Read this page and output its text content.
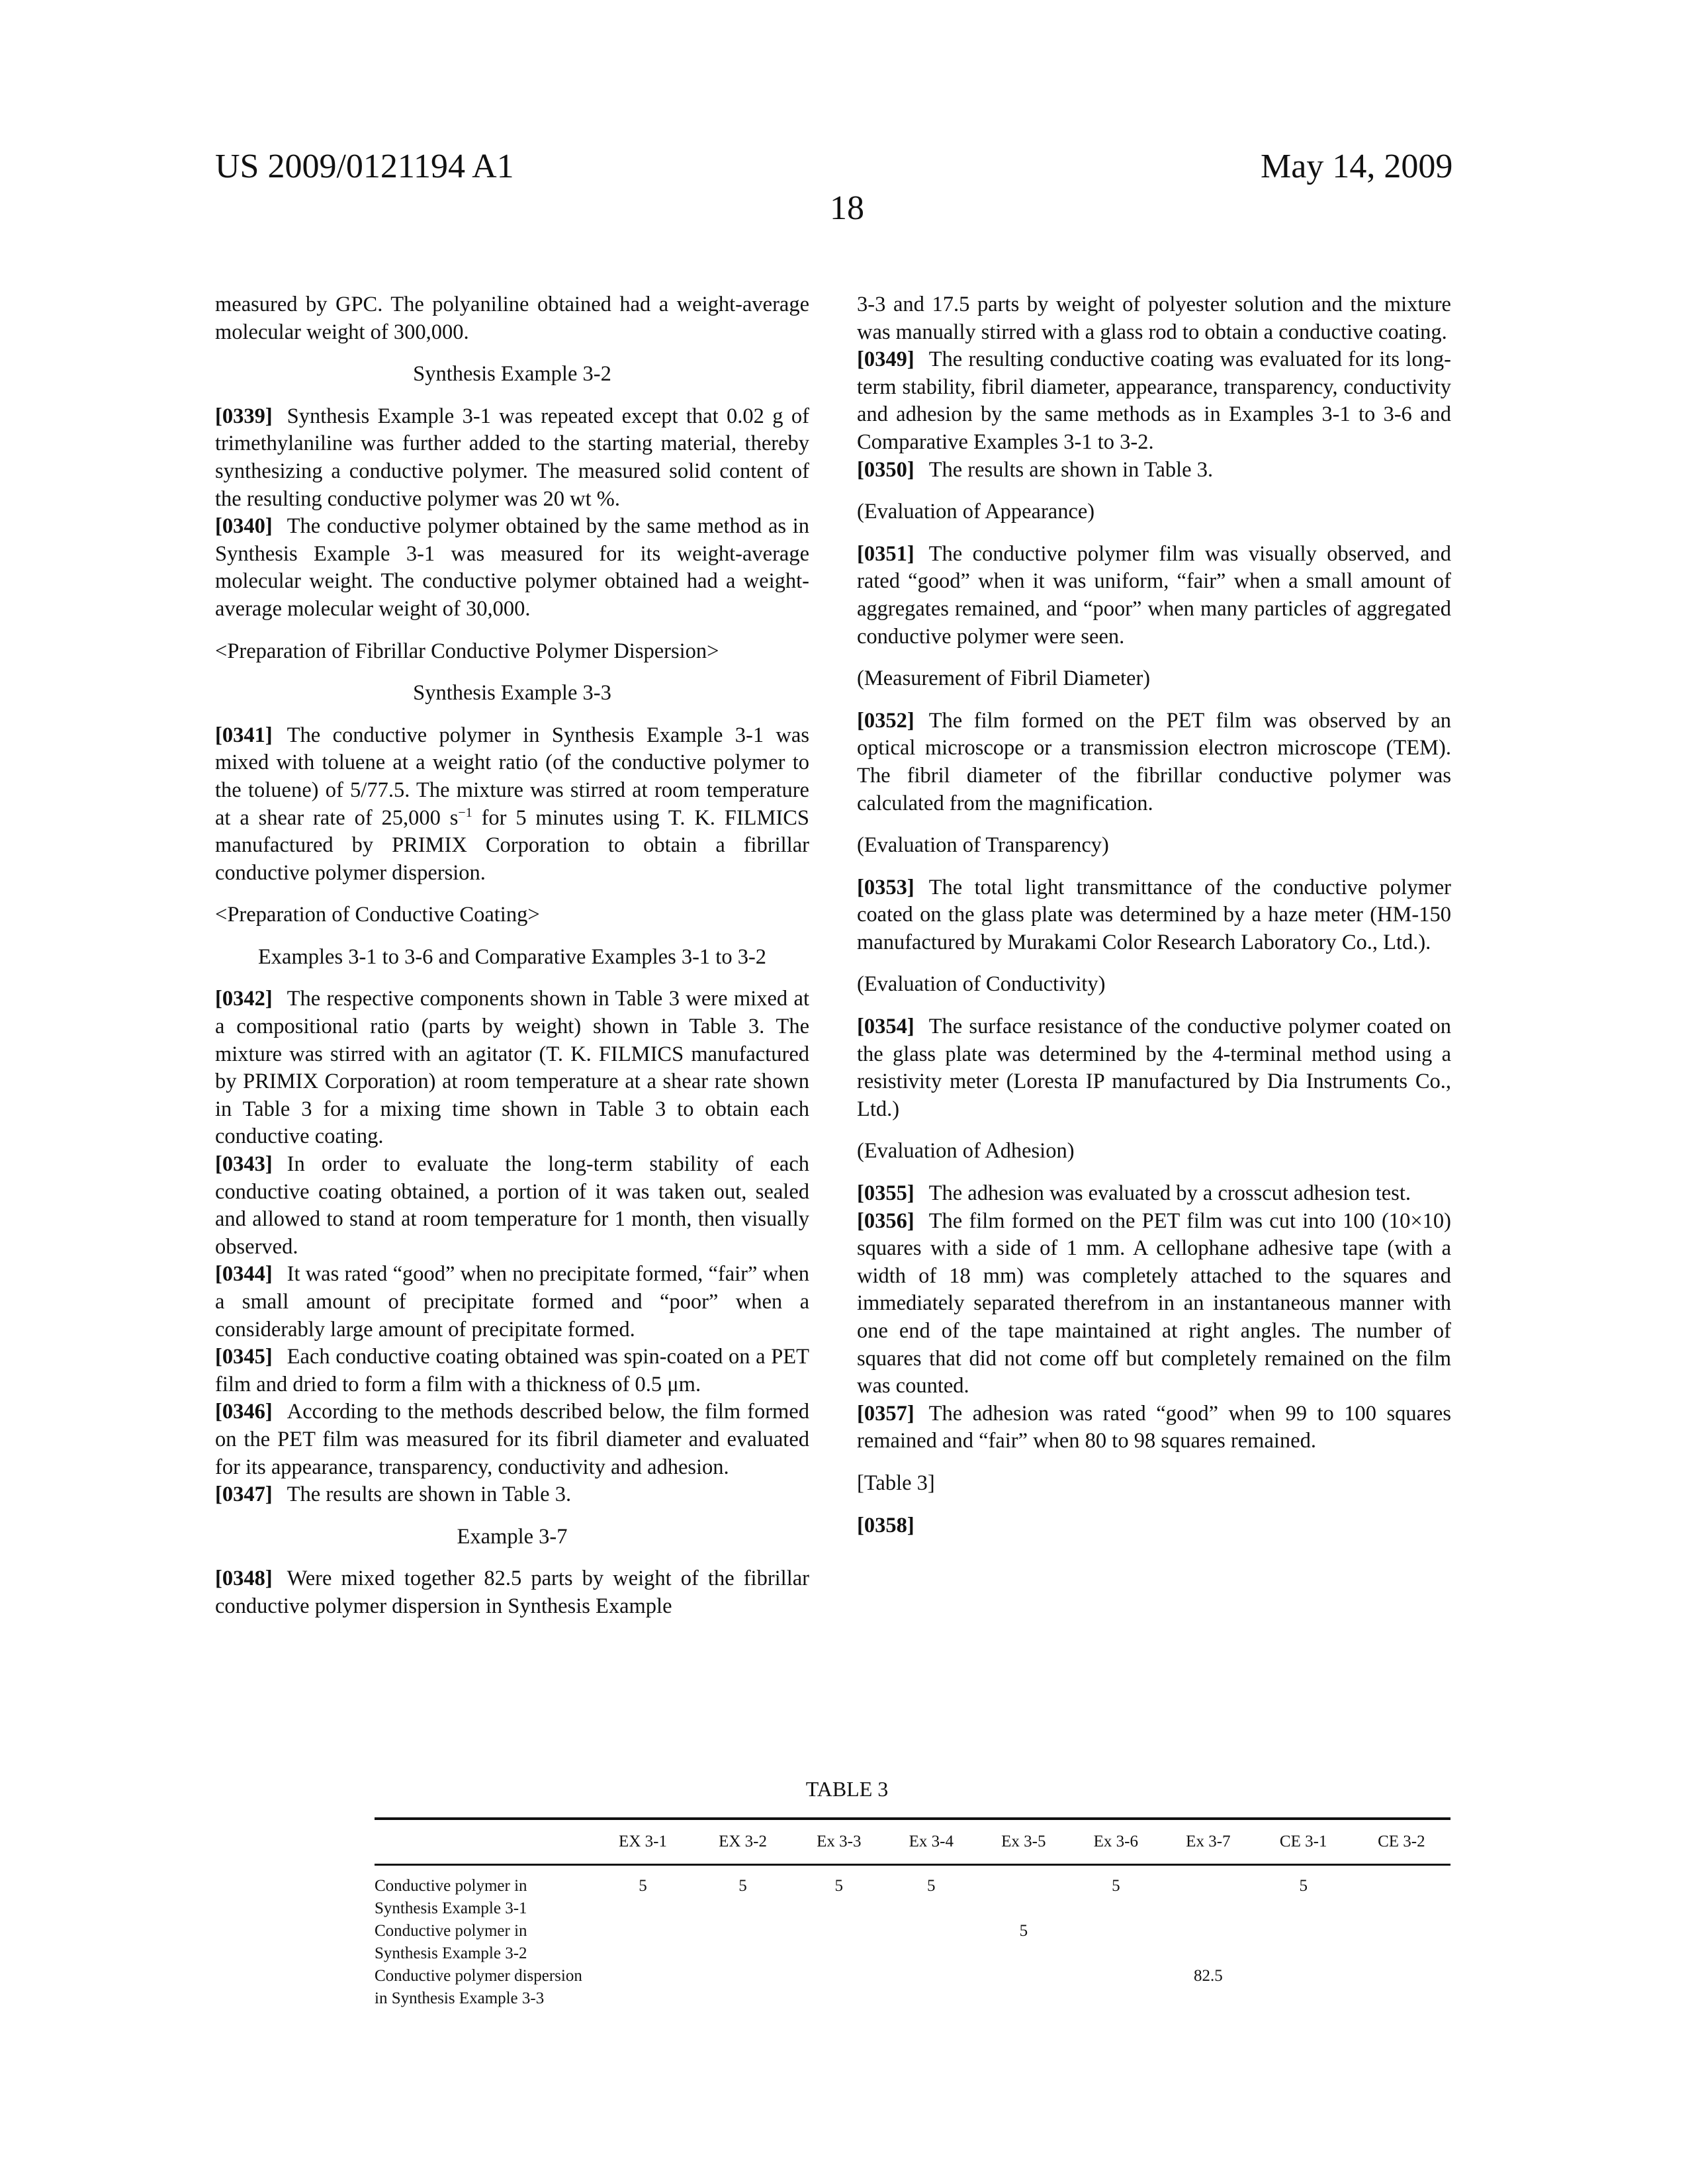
US 2009/0121194 A1	May 14, 2009
18

measured by GPC. The polyaniline obtained had a weight-average molecular weight of 300,000.

Synthesis Example 3-2

[0339] Synthesis Example 3-1 was repeated except that 0.02 g of trimethylaniline was further added to the starting material, thereby synthesizing a conductive polymer. The measured solid content of the resulting conductive polymer was 20 wt %.

[0340] The conductive polymer obtained by the same method as in Synthesis Example 3-1 was measured for its weight-average molecular weight. The conductive polymer obtained had a weight-average molecular weight of 30,000.

<Preparation of Fibrillar Conductive Polymer Dispersion>
Synthesis Example 3-3

[0341] The conductive polymer in Synthesis Example 3-1 was mixed with toluene at a weight ratio (of the conductive polymer to the toluene) of 5/77.5. The mixture was stirred at room temperature at a shear rate of 25,000 $s^{-1}$ for 5 minutes using T. K. FILMICS manufactured by PRIMIX Corporation to obtain a fibrillar conductive polymer dispersion.

<Preparation of Conductive Coating>
Examples 3-1 to 3-6 and Comparative Examples 3-1 to 3-2

[0342] The respective components shown in Table 3 were mixed at a compositional ratio (parts by weight) shown in Table 3. The mixture was stirred with an agitator (T. K. FILMICS manufactured by PRIMIX Corporation) at room temperature at a shear rate shown in Table 3 for a mixing time shown in Table 3 to obtain each conductive coating.

[0343] In order to evaluate the long-term stability of each conductive coating obtained, a portion of it was taken out, sealed and allowed to stand at room temperature for 1 month, then visually observed.

[0344] It was rated “good” when no precipitate formed, “fair” when a small amount of precipitate formed and “poor” when a considerably large amount of precipitate formed.

[0345] Each conductive coating obtained was spin-coated on a PET film and dried to form a film with a thickness of 0.5 μm.

[0346] According to the methods described below, the film formed on the PET film was measured for its fibril diameter and evaluated for its appearance, transparency, conductivity and adhesion.

[0347] The results are shown in Table 3.

Example 3-7

[0348] Were mixed together 82.5 parts by weight of the fibrillar conductive polymer dispersion in Synthesis Example

3-3 and 17.5 parts by weight of polyester solution and the mixture was manually stirred with a glass rod to obtain a conductive coating.

[0349] The resulting conductive coating was evaluated for its long-term stability, fibril diameter, appearance, transparency, conductivity and adhesion by the same methods as in Examples 3-1 to 3-6 and Comparative Examples 3-1 to 3-2.

[0350] The results are shown in Table 3.

(Evaluation of Appearance)

[0351] The conductive polymer film was visually observed, and rated “good” when it was uniform, “fair” when a small amount of aggregates remained, and “poor” when many particles of aggregated conductive polymer were seen.

(Measurement of Fibril Diameter)

[0352] The film formed on the PET film was observed by an optical microscope or a transmission electron microscope (TEM). The fibril diameter of the fibrillar conductive polymer was calculated from the magnification.

(Evaluation of Transparency)

[0353] The total light transmittance of the conductive polymer coated on the glass plate was determined by a haze meter (HM-150 manufactured by Murakami Color Research Laboratory Co., Ltd.).

(Evaluation of Conductivity)

[0354] The surface resistance of the conductive polymer coated on the glass plate was determined by the 4-terminal method using a resistivity meter (Loresta IP manufactured by Dia Instruments Co., Ltd.)

(Evaluation of Adhesion)

[0355] The adhesion was evaluated by a crosscut adhesion test.

[0356] The film formed on the PET film was cut into 100 (10×10) squares with a side of 1 mm. A cellophane adhesive tape (with a width of 18 mm) was completely attached to the squares and immediately separated therefrom in an instantaneous manner with one end of the tape maintained at right angles. The number of squares that did not come off but completely remained on the film was counted.

[0357] The adhesion was rated “good” when 99 to 100 squares remained and “fair” when 80 to 98 squares remained.

[Table 3]

[0358]

TABLE 3
	EX 3-1	EX 3-2	Ex 3-3	Ex 3-4	Ex 3-5	Ex 3-6	Ex 3-7	CE 3-1	CE 3-2
Conductive polymer in Synthesis Example 3-1	5	5	5	5		5		5	
Conductive polymer in Synthesis Example 3-2					5				
Conductive polymer dispersion in Synthesis Example 3-3							82.5		
